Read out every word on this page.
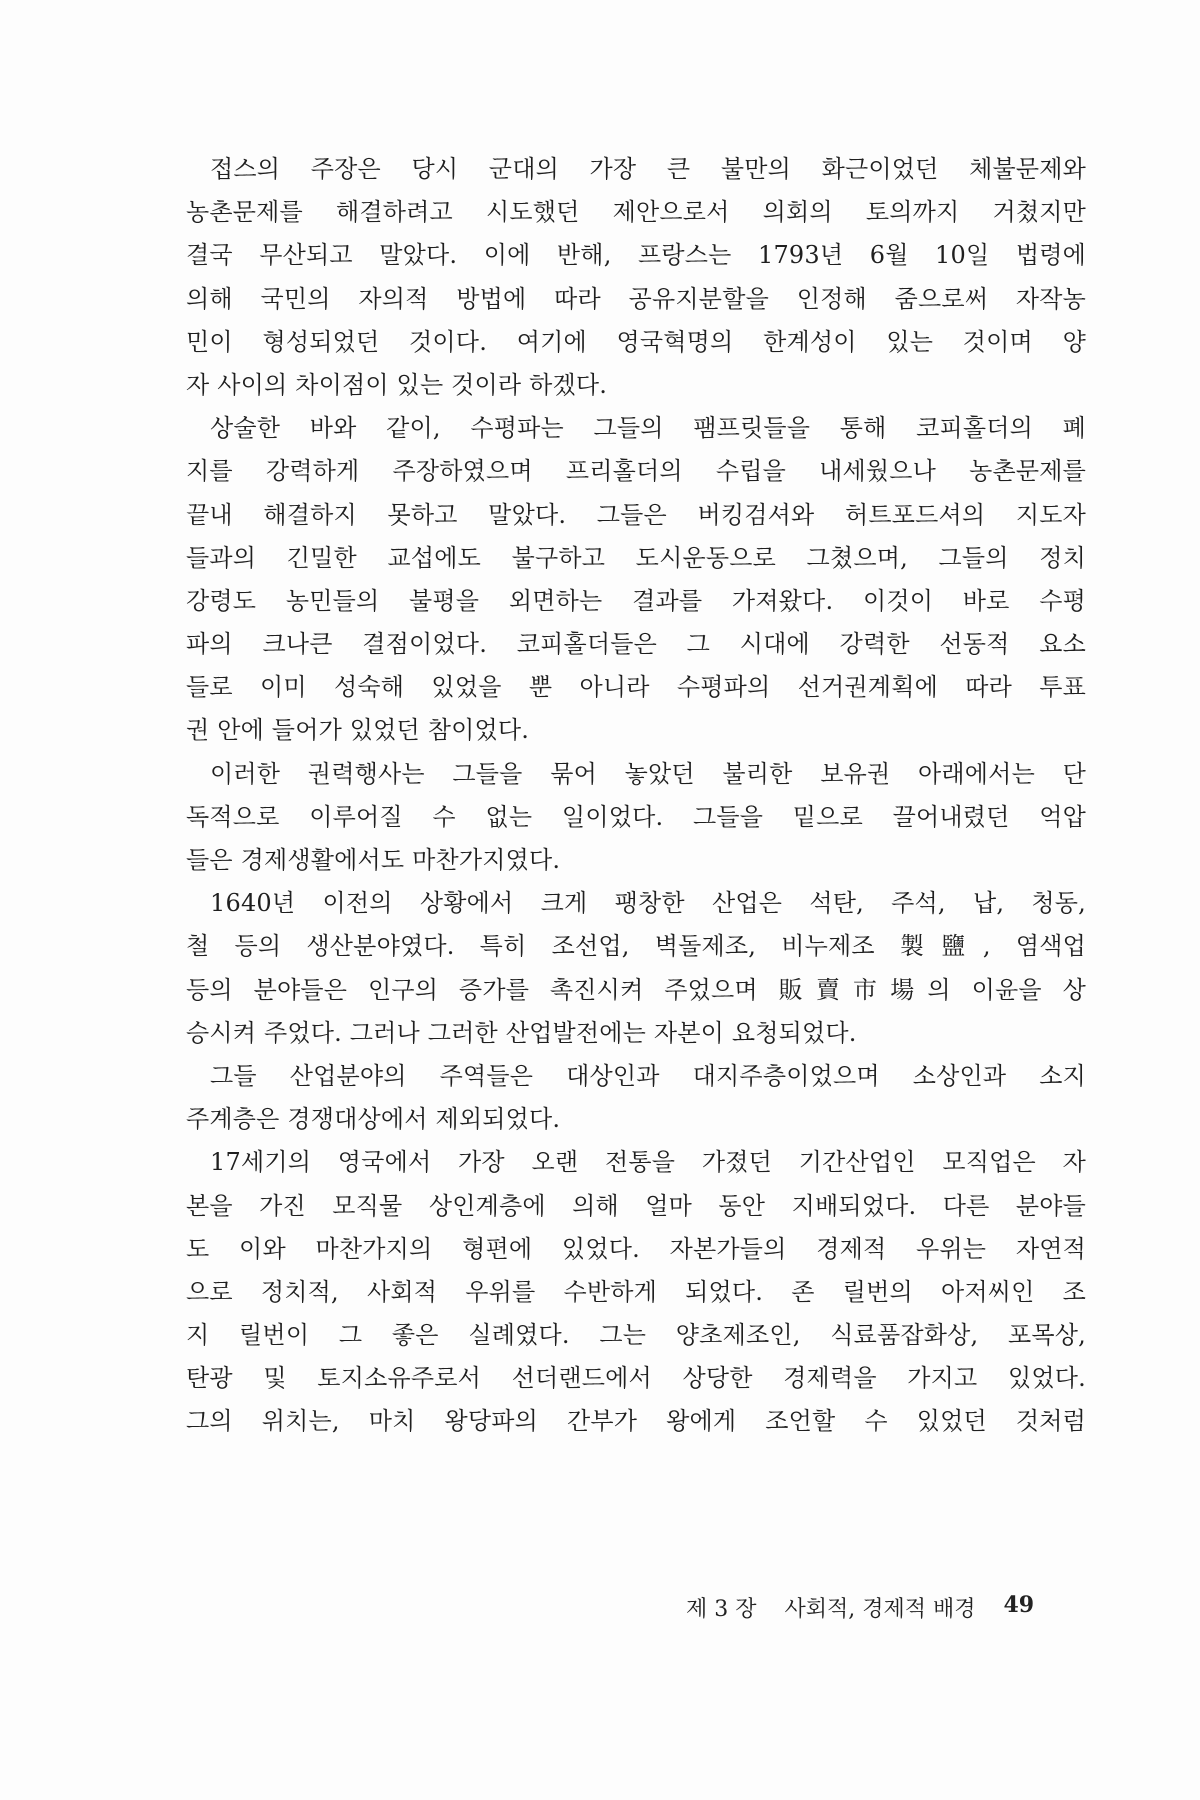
접스의 주장은 당시 군대의 가장 큰 불만의 화근이었던 체불문제와
농촌문제를 해결하려고 시도했던 제안으로서 의회의 토의까지 거쳤지만
결국 무산되고 말았다. 이에 반해, 프랑스는 1793년 6월 10일 법령에
의해 국민의 자의적 방법에 따라 공유지분할을 인정해 줌으로써 자작농
민이 형성되었던 것이다. 여기에 영국혁명의 한계성이 있는 것이며 양
자 사이의 차이점이 있는 것이라 하겠다.
상술한 바와 같이, 수평파는 그들의 팸프릿들을 통해 코피홀더의 폐
지를 강력하게 주장하였으며 프리홀더의 수립을 내세웠으나 농촌문제를
끝내 해결하지 못하고 말았다. 그들은 버킹검셔와 허트포드셔의 지도자
들과의 긴밀한 교섭에도 불구하고 도시운동으로 그쳤으며, 그들의 정치
강령도 농민들의 불평을 외면하는 결과를 가져왔다. 이것이 바로 수평
파의 크나큰 결점이었다. 코피홀더들은 그 시대에 강력한 선동적 요소
들로 이미 성숙해 있었을 뿐 아니라 수평파의 선거권계획에 따라 투표
권 안에 들어가 있었던 참이었다.
이러한 권력행사는 그들을 묶어 놓았던 불리한 보유권 아래에서는 단
독적으로 이루어질 수 없는 일이었다. 그들을 밑으로 끌어내렸던 억압
들은 경제생활에서도 마찬가지였다.
1640년 이전의 상황에서 크게 팽창한 산업은 석탄, 주석, 납, 청동,
철 등의 생산분야였다. 특히 조선업, 벽돌제조, 비누제조 製鹽, 염색업
등의 분야들은 인구의 증가를 촉진시켜 주었으며 販賣市場의 이윤을 상
승시켜 주었다. 그러나 그러한 산업발전에는 자본이 요청되었다.
그들 산업분야의 주역들은 대상인과 대지주층이었으며 소상인과 소지
주계층은 경쟁대상에서 제외되었다.
17세기의 영국에서 가장 오랜 전통을 가졌던 기간산업인 모직업은 자
본을 가진 모직물 상인계층에 의해 얼마 동안 지배되었다. 다른 분야들
도 이와 마찬가지의 형편에 있었다. 자본가들의 경제적 우위는 자연적
으로 정치적, 사회적 우위를 수반하게 되었다. 존 릴번의 아저씨인 조
지 릴번이 그 좋은 실례였다. 그는 양초제조인, 식료품잡화상, 포목상,
탄광 및 토지소유주로서 선더랜드에서 상당한 경제력을 가지고 있었다.
그의 위치는, 마치 왕당파의 간부가 왕에게 조언할 수 있었던 것처럼
제 3 장 사회적, 경제적 배경 49
